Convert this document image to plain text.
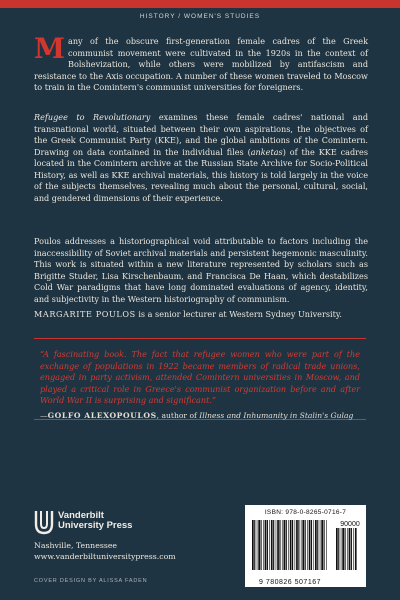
HISTORY / WOMEN'S STUDIES

Many of the obscure first-generation female cadres of the Greek communist movement were cultivated in the 1920s in the context of Bolshevization, while others were mobilized by antifascism and resistance to the Axis occupation. A number of these women traveled to Moscow to train in the Comintern's communist universities for foreigners.

Refugee to Revolutionary examines these female cadres' national and transnational world, situated between their own aspirations, the objectives of the Greek Communist Party (KKE), and the global ambitions of the Comintern. Drawing on data contained in the individual files (anketas) of the KKE cadres located in the Comintern archive at the Russian State Archive for Socio-Political History, as well as KKE archival materials, this history is told largely in the voice of the subjects themselves, revealing much about the personal, cultural, social, and gendered dimensions of their experience.

Poulos addresses a historiographical void attributable to factors including the inaccessibility of Soviet archival materials and persistent hegemonic masculinity. This work is situated within a new literature represented by scholars such as Brigitte Studer, Lisa Kirschenbaum, and Francisca De Haan, which destabilizes Cold War paradigms that have long dominated evaluations of agency, identity, and subjectivity in the Western historiography of communism.

MARGARITE POULOS is a senior lecturer at Western Sydney University.

“A fascinating book. The fact that refugee women who were part of the exchange of populations in 1922 became members of radical trade unions, engaged in party activism, attended Comintern universities in Moscow, and played a critical role in Greece's communist organization before and after World War II is surprising and significant.”
—GOLFO ALEXOPOULOS, author of Illness and Inhumanity in Stalin's Gulag
Vanderbilt
University Press
Nashville, Tennessee
www.vanderbiltuniversitypress.com
COVER DESIGN BY ALISSA FADEN
ISBN: 978-0-8265-0716-7
90000
9 780826 507167
